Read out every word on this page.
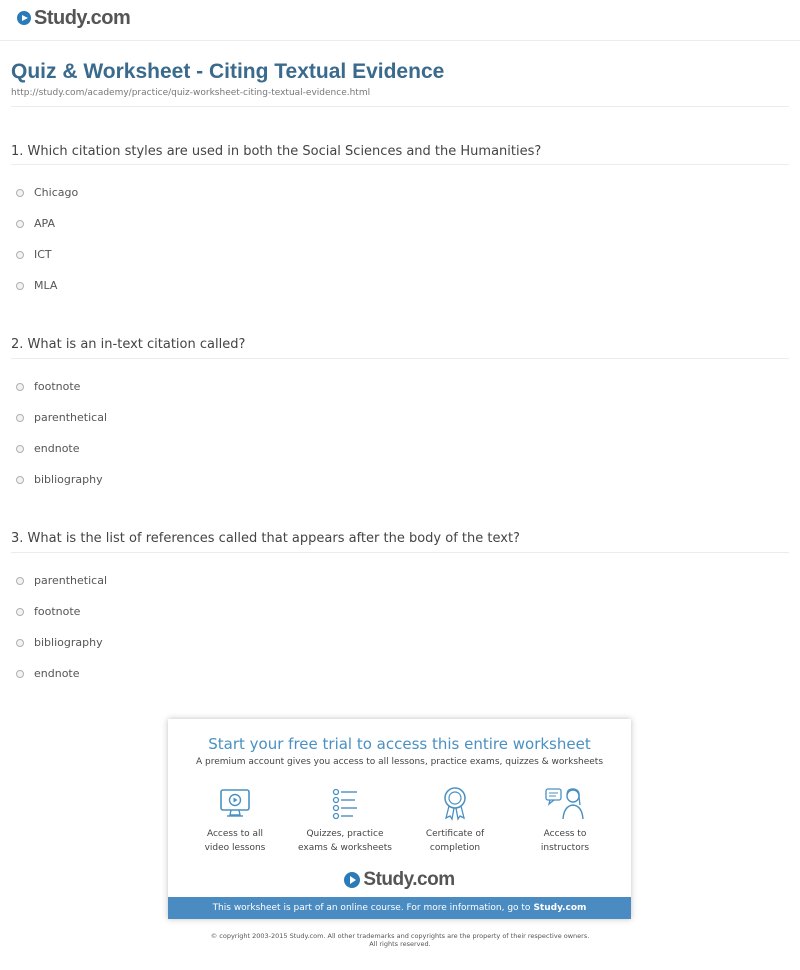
Study.com
Quiz & Worksheet - Citing Textual Evidence
http://study.com/academy/practice/quiz-worksheet-citing-textual-evidence.html
1. Which citation styles are used in both the Social Sciences and the Humanities?
Chicago
APA
ICT
MLA
2. What is an in-text citation called?
footnote
parenthetical
endnote
bibliography
3. What is the list of references called that appears after the body of the text?
parenthetical
footnote
bibliography
endnote
Start your free trial to access this entire worksheet
A premium account gives you access to all lessons, practice exams, quizzes & worksheets
Access to all
video lessons
Quizzes, practice
exams & worksheets
Certificate of
completion
Access to
instructors
Study.com
This worksheet is part of an online course. For more information, go to Study.com
© copyright 2003-2015 Study.com. All other trademarks and copyrights are the property of their respective owners.
All rights reserved.
